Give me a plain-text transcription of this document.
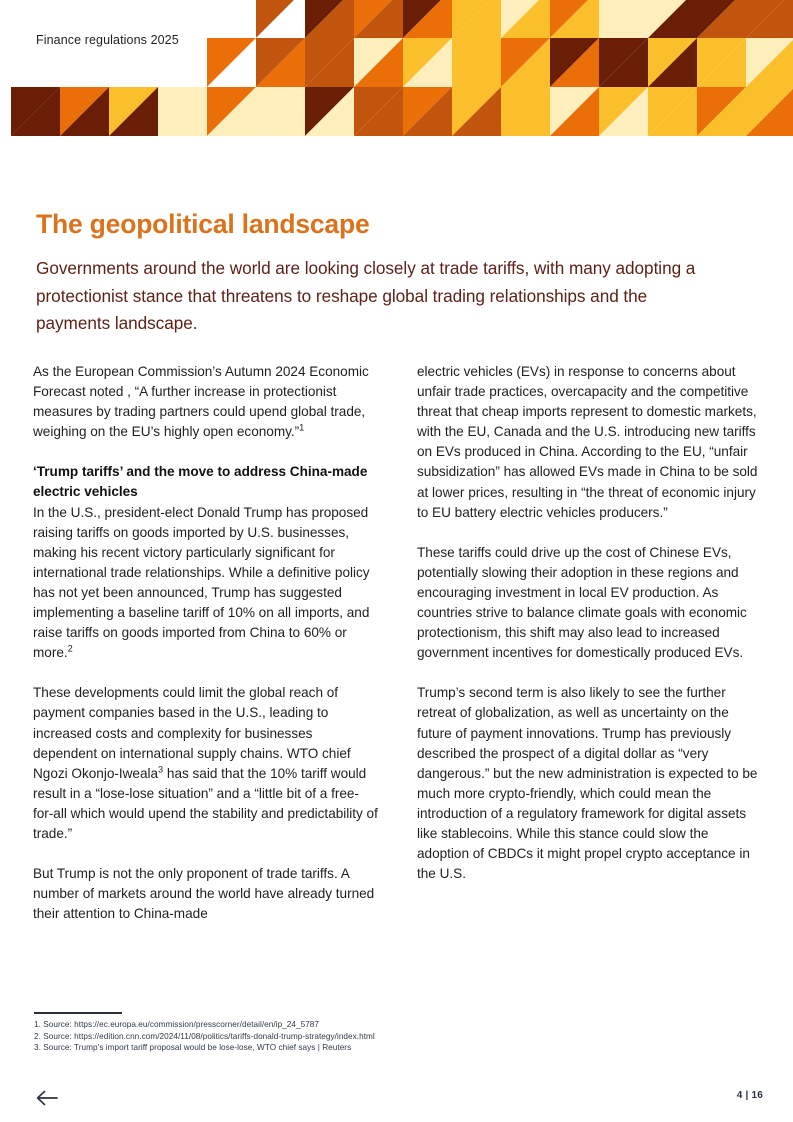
Finance regulations 2025
The geopolitical landscape
Governments around the world are looking closely at trade tariffs, with many adopting a protectionist stance that threatens to reshape global trading relationships and the payments landscape.

As the European Commission’s Autumn 2024 Economic Forecast noted , “A further increase in protectionist measures by trading partners could upend global trade, weighing on the EU’s highly open economy.”$^1$

‘Trump tariffs’ and the move to address China-made electric vehicles

In the U.S., president-elect Donald Trump has proposed raising tariffs on goods imported by U.S. businesses, making his recent victory particularly significant for international trade relationships. While a definitive policy has not yet been announced, Trump has suggested implementing a baseline tariff of 10% on all imports, and raise tariffs on goods imported from China to 60% or more.$^2$

These developments could limit the global reach of payment companies based in the U.S., leading to increased costs and complexity for businesses dependent on international supply chains. WTO chief Ngozi Okonjo-Iweala$^3$ has said that the 10% tariff would result in a “lose-lose situation” and a “little bit of a free-for-all which would upend the stability and predictability of trade.”

But Trump is not the only proponent of trade tariffs. A number of markets around the world have already turned their attention to China-made

electric vehicles (EVs) in response to concerns about unfair trade practices, overcapacity and the competitive threat that cheap imports represent to domestic markets, with the EU, Canada and the U.S. introducing new tariffs on EVs produced in China. According to the EU, “unfair subsidization” has allowed EVs made in China to be sold at lower prices, resulting in “the threat of economic injury to EU battery electric vehicles producers.”

These tariffs could drive up the cost of Chinese EVs, potentially slowing their adoption in these regions and encouraging investment in local EV production. As countries strive to balance climate goals with economic protectionism, this shift may also lead to increased government incentives for domestically produced EVs.

Trump’s second term is also likely to see the further retreat of globalization, as well as uncertainty on the future of payment innovations. Trump has previously described the prospect of a digital dollar as “very dangerous.” but the new administration is expected to be much more crypto-friendly, which could mean the introduction of a regulatory framework for digital assets like stablecoins. While this stance could slow the adoption of CBDCs it might propel crypto acceptance in the U.S.

1. Source: https://ec.europa.eu/commission/presscorner/detail/en/ip_24_5787
2. Source: https://edition.cnn.com/2024/11/08/politics/tariffs-donald-trump-strategy/index.html
3. Source: Trump’s import tariff proposal would be lose-lose, WTO chief says | Reuters
4 | 16
